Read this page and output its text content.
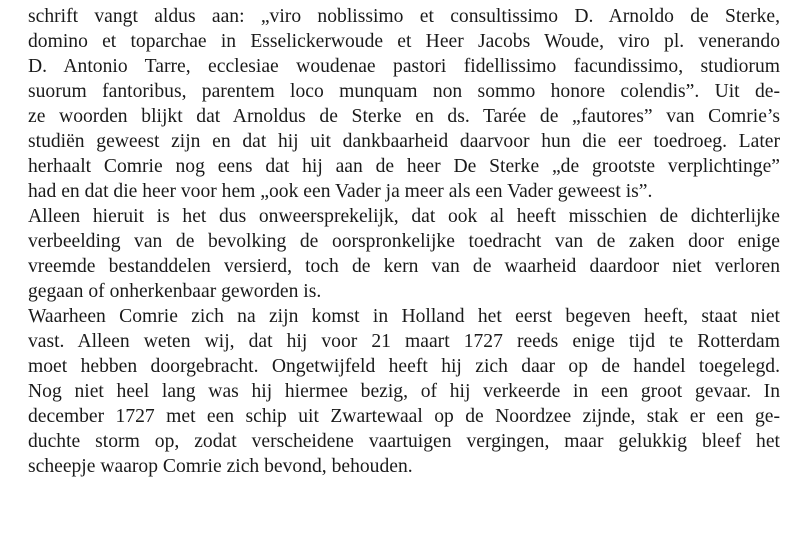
schrift vangt aldus aan: „viro noblissimo et consultissimo D. Arnoldo de Sterke,
domino et toparchae in Esselickerwoude et Heer Jacobs Woude, viro pl. venerando
D. Antonio Tarre, ecclesiae woudenae pastori fidellissimo facundissimo, studiorum
suorum fantoribus, parentem loco munquam non sommo honore colendis”. Uit de-
ze woorden blijkt dat Arnoldus de Sterke en ds. Tarée de „fautores” van Comrie’s
studiën geweest zijn en dat hij uit dankbaarheid daarvoor hun die eer toedroeg. Later
herhaalt Comrie nog eens dat hij aan de heer De Sterke „de grootste verplichtinge”
had en dat die heer voor hem „ook een Vader ja meer als een Vader geweest is”.
Alleen hieruit is het dus onweersprekelijk, dat ook al heeft misschien de dichterlijke
verbeelding van de bevolking de oorspronkelijke toedracht van de zaken door enige
vreemde bestanddelen versierd, toch de kern van de waarheid daardoor niet verloren
gegaan of onherkenbaar geworden is.
Waarheen Comrie zich na zijn komst in Holland het eerst begeven heeft, staat niet
vast. Alleen weten wij, dat hij voor 21 maart 1727 reeds enige tijd te Rotterdam
moet hebben doorgebracht. Ongetwijfeld heeft hij zich daar op de handel toegelegd.
Nog niet heel lang was hij hiermee bezig, of hij verkeerde in een groot gevaar. In
december 1727 met een schip uit Zwartewaal op de Noordzee zijnde, stak er een ge-
duchte storm op, zodat verscheidene vaartuigen vergingen, maar gelukkig bleef het
scheepje waarop Comrie zich bevond, behouden.
